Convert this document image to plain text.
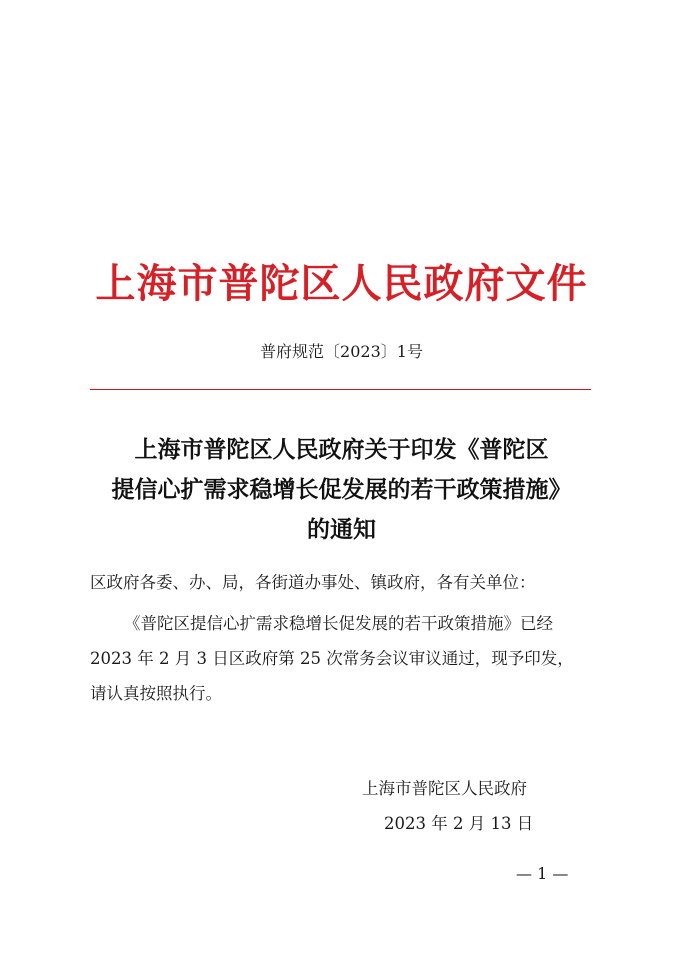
上海市普陀区人民政府文件
普府规范〔2023〕1号
上海市普陀区人民政府关于印发《普陀区
提信心扩需求稳增长促发展的若干政策措施》
的通知
区政府各委、办、局，各街道办事处、镇政府，各有关单位：
《普陀区提信心扩需求稳增长促发展的若干政策措施》已经
2023 年 2 月 3 日区政府第 25 次常务会议审议通过，现予印发，
请认真按照执行。
上海市普陀区人民政府
2023 年 2 月 13 日
— 1 —
